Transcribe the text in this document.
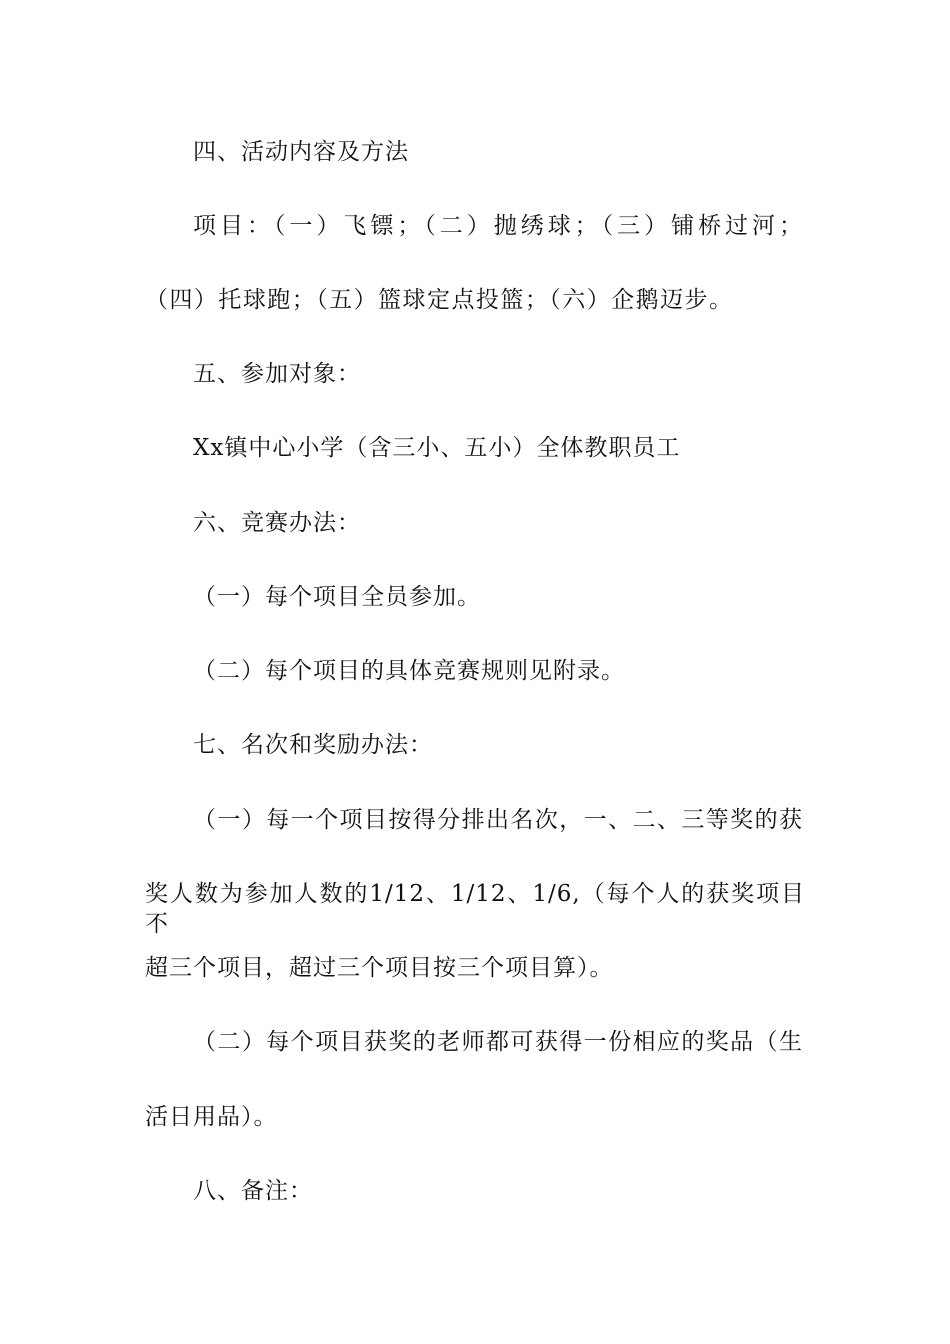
四、活动内容及方法
项目：（一）飞镖；（二）抛绣球；（三）铺桥过河；
（四）托球跑；（五）篮球定点投篮；（六）企鹅迈步。
五、参加对象：
Xx镇中心小学（含三小、五小）全体教职员工
六、竞赛办法：
（一）每个项目全员参加。
（二）每个项目的具体竞赛规则见附录。
七、名次和奖励办法：
（一）每一个项目按得分排出名次，一、二、三等奖的获
奖人数为参加人数的1/12、1/12、1/6,（每个人的获奖项目不
超三个项目，超过三个项目按三个项目算）。
（二）每个项目获奖的老师都可获得一份相应的奖品（生
活日用品）。
八、备注：
